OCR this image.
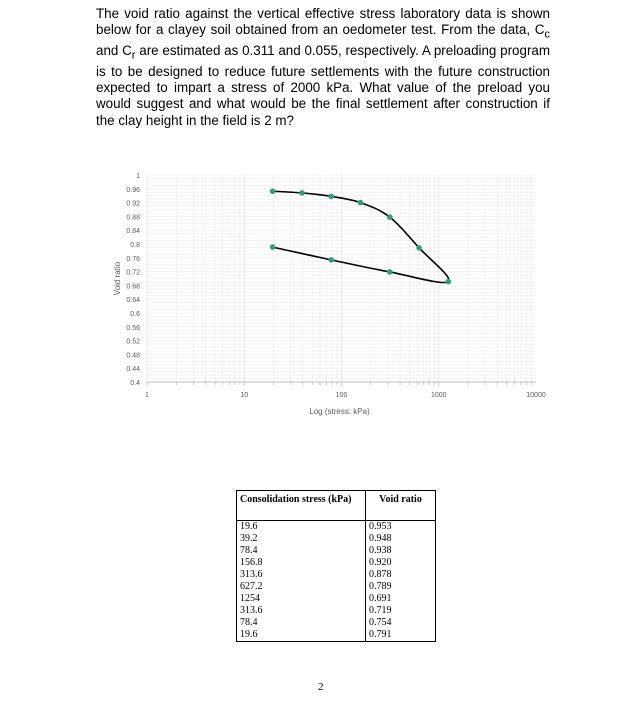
The void ratio against the vertical effective stress laboratory data is shown below for a clayey soil obtained from an oedometer test. From the data, $C_c$ and $C_r$ are estimated as 0.311 and 0.055, respectively. A preloading program is to be designed to reduce future settlements with the future construction expected to impart a stress of 2000 kPa. What value of the preload you would suggest and what would be the final settlement after construction if the clay height in the field is 2 m?

1
0.96
0.92
0.88
0.84
0.8
0.76
0.72
0.68
0.64
0.6
0.56
0.52
0.48
0.44
0.4
1	10	100	1000	10000
Log (stress: kPa)
Void ratio
Consolidation stress (kPa)	Void ratio
19.6	0.953
39.2	0.948
78.4	0.938
156.8	0.920
313.6	0.878
627.2	0.789
1254	0.691
313.6	0.719
78.4	0.754
19.6	0.791
2
